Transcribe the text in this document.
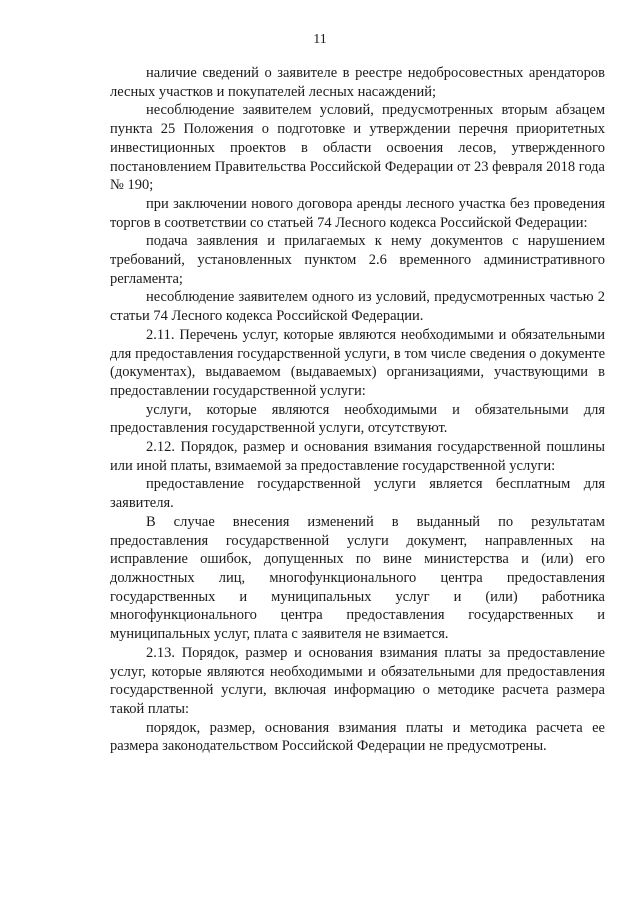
11

наличие сведений о заявителе в реестре недобросовестных арендаторов лесных участков и покупателей лесных насаждений;

несоблюдение заявителем условий, предусмотренных вторым абзацем пункта 25 Положения о подготовке и утверждении перечня приоритетных инвестиционных проектов в области освоения лесов, утвержденного постановлением Правительства Российской Федерации от 23 февраля 2018 года № 190;

при заключении нового договора аренды лесного участка без проведения торгов в соответствии со статьей 74 Лесного кодекса Российской Федерации:

подача заявления и прилагаемых к нему документов с нарушением требований, установленных пунктом 2.6 временного административного регламента;

несоблюдение заявителем одного из условий, предусмотренных частью 2 статьи 74 Лесного кодекса Российской Федерации.

2.11. Перечень услуг, которые являются необходимыми и обязательными для предоставления государственной услуги, в том числе сведения о документе (документах), выдаваемом (выдаваемых) организациями, участвующими в предоставлении государственной услуги:

услуги, которые являются необходимыми и обязательными для предоставления государственной услуги, отсутствуют.

2.12. Порядок, размер и основания взимания государственной пошлины или иной платы, взимаемой за предоставление государственной услуги:

предоставление государственной услуги является бесплатным для заявителя.

В случае внесения изменений в выданный по результатам предоставления государственной услуги документ, направленных на исправление ошибок, допущенных по вине министерства и (или) его должностных лиц, многофункционального центра предоставления государственных и муниципальных услуг и (или) работника многофункционального центра предоставления государственных и муниципальных услуг, плата с заявителя не взимается.

2.13. Порядок, размер и основания взимания платы за предоставление услуг, которые являются необходимыми и обязательными для предоставления государственной услуги, включая информацию о методике расчета размера такой платы:

порядок, размер, основания взимания платы и методика расчета ее размера законодательством Российской Федерации не предусмотрены.
